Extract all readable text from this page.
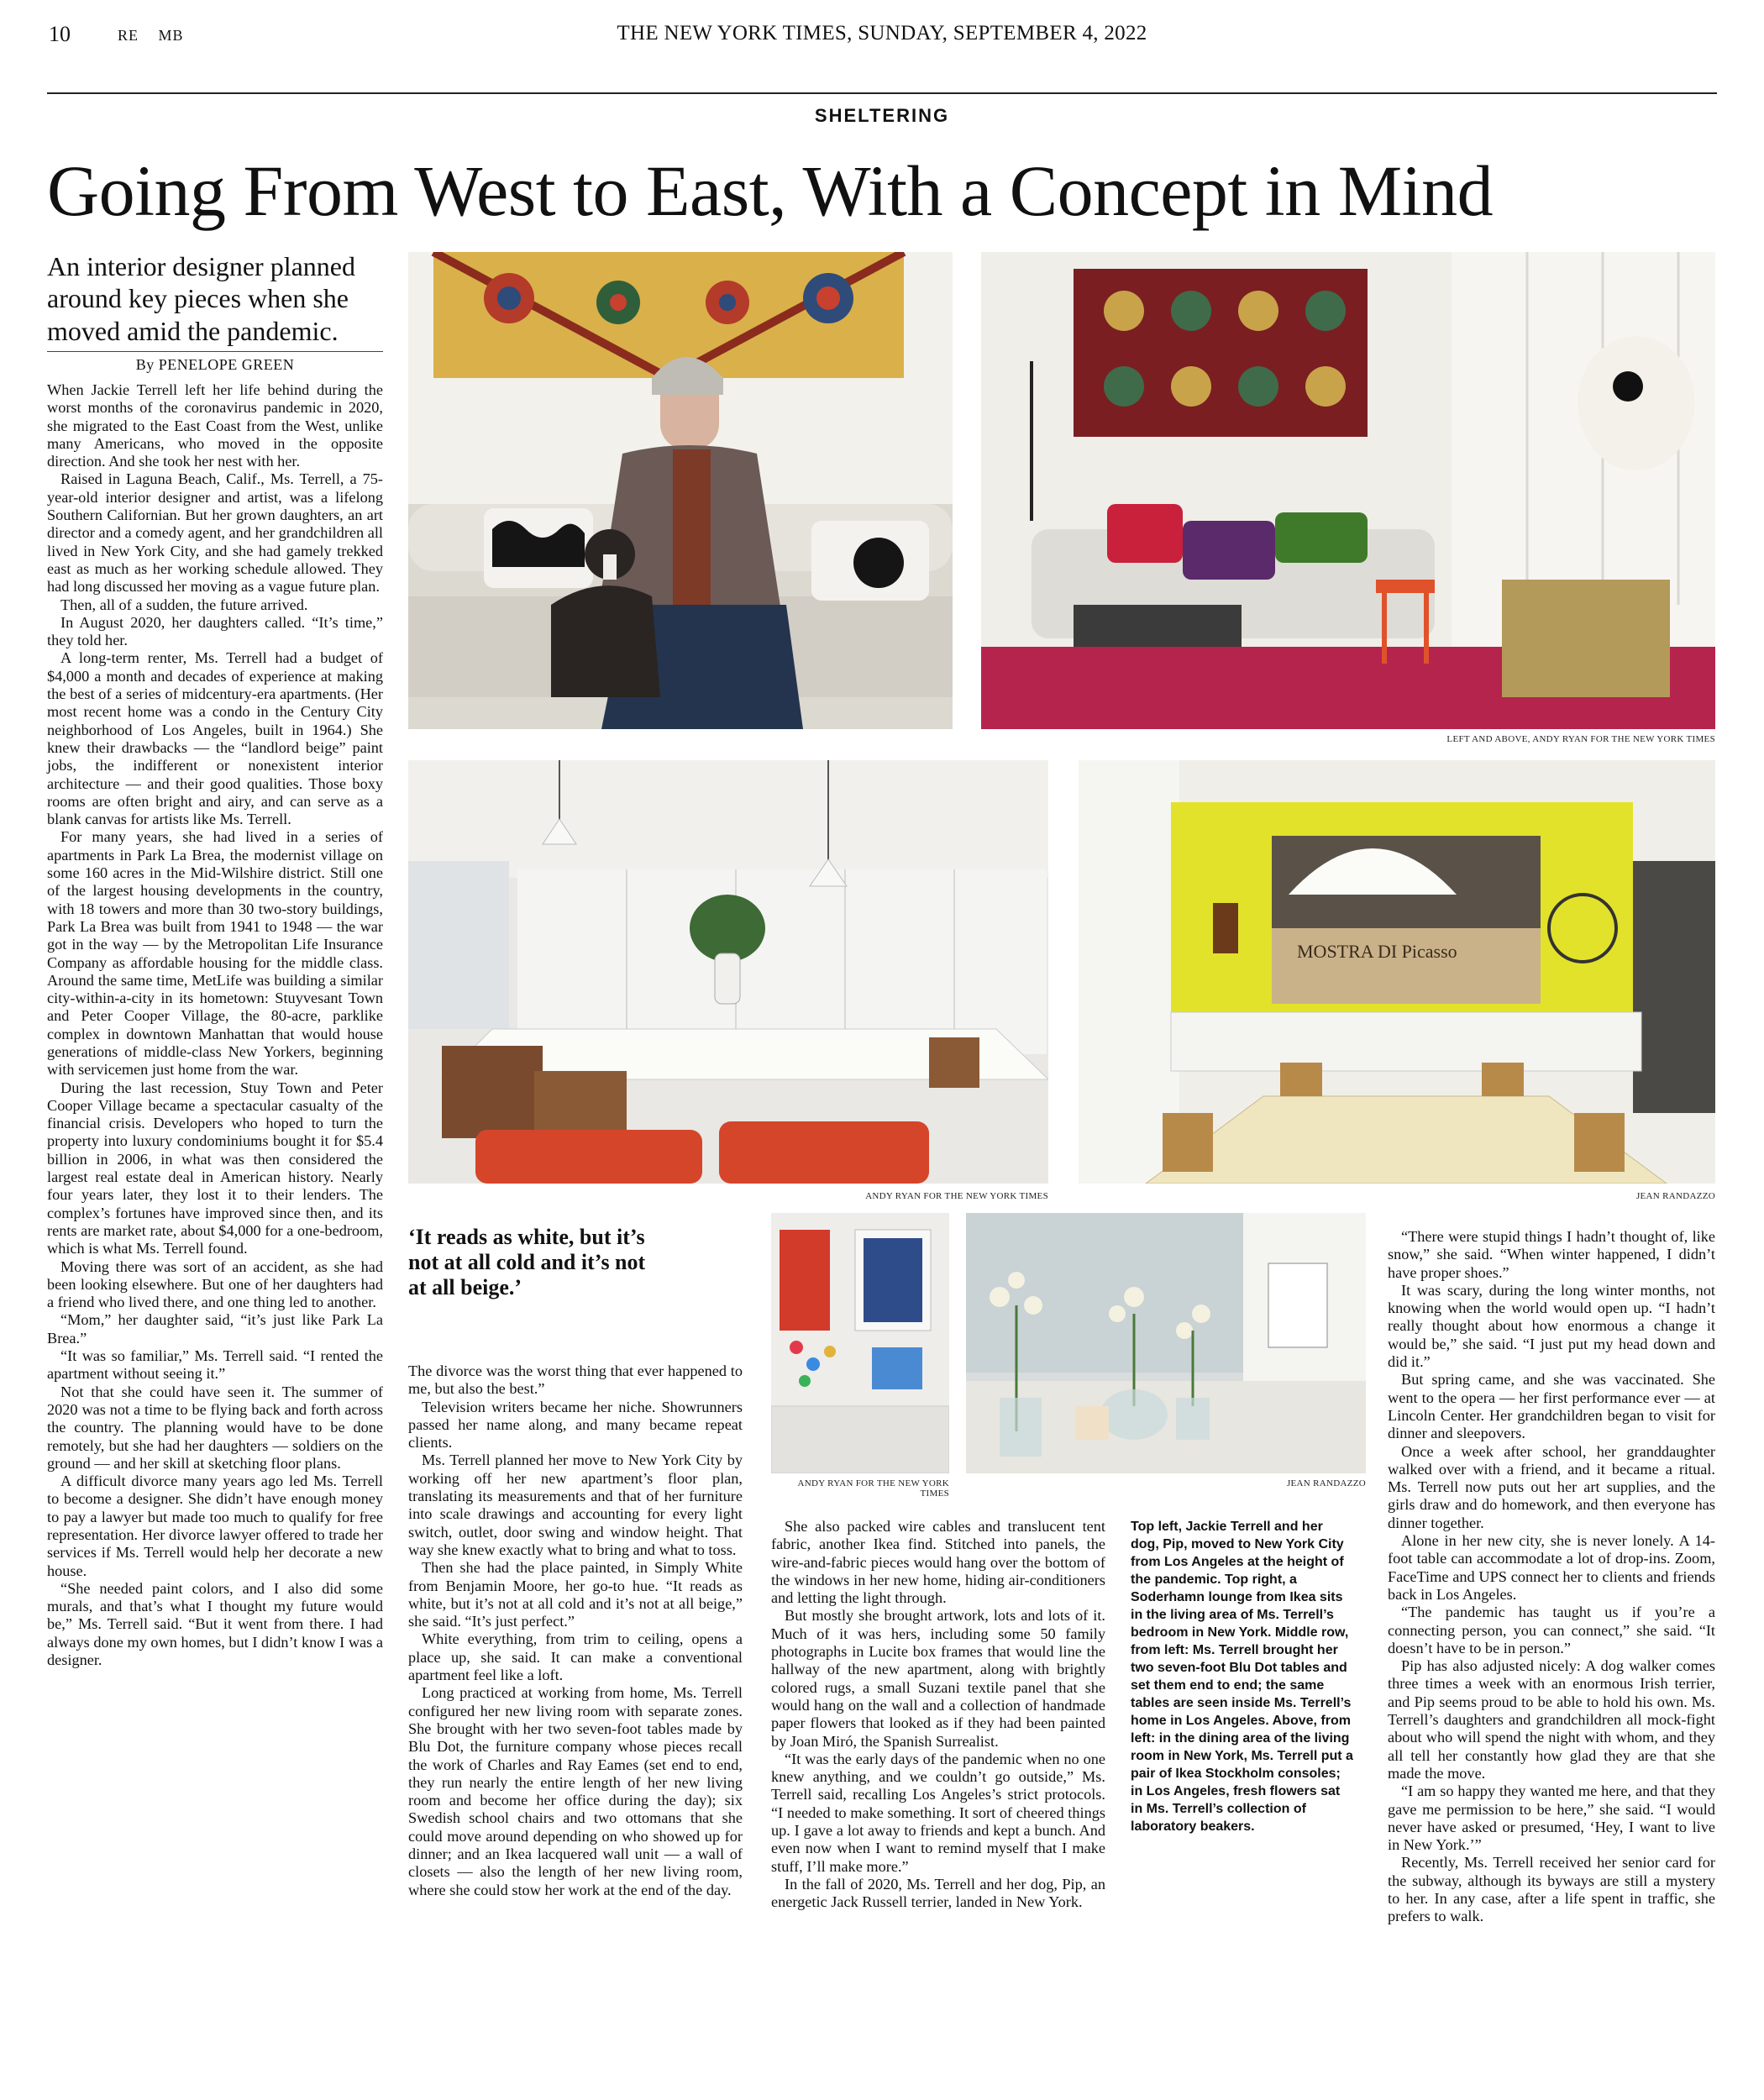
10	RE MB	THE NEW YORK TIMES, SUNDAY, SEPTEMBER 4, 2022
SHELTERING
Going From West to East, With a Concept in Mind
An interior designer planned around key pieces when she moved amid the pandemic.
By PENELOPE GREEN
LEFT AND ABOVE, ANDY RYAN FOR THE NEW YORK TIMES
MOSTRA DI Picasso
ANDY RYAN FOR THE NEW YORK TIMES	JEAN RANDAZZO
‘It reads as white, but it’s not at all cold and it’s not at all beige.’
ANDY RYAN FOR THE NEW YORK TIMES
JEAN RANDAZZO

When Jackie Terrell left her life behind during the worst months of the coronavirus pandemic in 2020, she migrated to the East Coast from the West, unlike many Americans, who moved in the opposite direction. And she took her nest with her.

Raised in Laguna Beach, Calif., Ms. Terrell, a 75-year-old interior designer and artist, was a lifelong Southern Californian. But her grown daughters, an art director and a comedy agent, and her grandchildren all lived in New York City, and she had gamely trekked east as much as her working schedule allowed. They had long discussed her moving as a vague future plan.

Then, all of a sudden, the future arrived.

In August 2020, her daughters called. “It’s time,” they told her.

A long-term renter, Ms. Terrell had a budget of $4,000 a month and decades of experience at making the best of a series of midcentury-era apartments. (Her most recent home was a condo in the Century City neighborhood of Los Angeles, built in 1964.) She knew their drawbacks — the “landlord beige” paint jobs, the indifferent or nonexistent interior architecture — and their good qualities. Those boxy rooms are often bright and airy, and can serve as a blank canvas for artists like Ms. Terrell.

For many years, she had lived in a series of apartments in Park La Brea, the modernist village on some 160 acres in the Mid-Wilshire district. Still one of the largest housing developments in the country, with 18 towers and more than 30 two-story buildings, Park La Brea was built from 1941 to 1948 — the war got in the way — by the Metropolitan Life Insurance Company as affordable housing for the middle class. Around the same time, MetLife was building a similar city-within-a-city in its hometown: Stuyvesant Town and Peter Cooper Village, the 80-acre, parklike complex in downtown Manhattan that would house generations of middle-class New Yorkers, beginning with servicemen just home from the war.

During the last recession, Stuy Town and Peter Cooper Village became a spectacular casualty of the financial crisis. Developers who hoped to turn the property into luxury condominiums bought it for $5.4 billion in 2006, in what was then considered the largest real estate deal in American history. Nearly four years later, they lost it to their lenders. The complex’s fortunes have improved since then, and its rents are market rate, about $4,000 for a one-bedroom, which is what Ms. Terrell found.

Moving there was sort of an accident, as she had been looking elsewhere. But one of her daughters had a friend who lived there, and one thing led to another.

“Mom,” her daughter said, “it’s just like Park La Brea.”

“It was so familiar,” Ms. Terrell said. “I rented the apartment without seeing it.”

Not that she could have seen it. The summer of 2020 was not a time to be flying back and forth across the country. The planning would have to be done remotely, but she had her daughters — soldiers on the ground — and her skill at sketching floor plans.

A difficult divorce many years ago led Ms. Terrell to become a designer. She didn’t have enough money to pay a lawyer but made too much to qualify for free representation. Her divorce lawyer offered to trade her services if Ms. Terrell would help her decorate a new house.

“She needed paint colors, and I also did some murals, and that’s what I thought my future would be,” Ms. Terrell said. “But it went from there. I had always done my own homes, but I didn’t know I was a designer.

The divorce was the worst thing that ever happened to me, but also the best.”

Television writers became her niche. Showrunners passed her name along, and many became repeat clients.

Ms. Terrell planned her move to New York City by working off her new apartment’s floor plan, translating its measurements and that of her furniture into scale drawings and accounting for every light switch, outlet, door swing and window height. That way she knew exactly what to bring and what to toss.

Then she had the place painted, in Simply White from Benjamin Moore, her go-to hue. “It reads as white, but it’s not at all cold and it’s not at all beige,” she said. “It’s just perfect.”

White everything, from trim to ceiling, opens a place up, she said. It can make a conventional apartment feel like a loft.

Long practiced at working from home, Ms. Terrell configured her new living room with separate zones. She brought with her two seven-foot tables made by Blu Dot, the furniture company whose pieces recall the work of Charles and Ray Eames (set end to end, they run nearly the entire length of her new living room and become her office during the day); six Swedish school chairs and two ottomans that she could move around depending on who showed up for dinner; and an Ikea lacquered wall unit — a wall of closets — also the length of her new living room, where she could stow her work at the end of the day.

She also packed wire cables and translucent tent fabric, another Ikea find. Stitched into panels, the wire-and-fabric pieces would hang over the bottom of the windows in her new home, hiding air-conditioners and letting the light through.

But mostly she brought artwork, lots and lots of it. Much of it was hers, including some 50 family photographs in Lucite box frames that would line the hallway of the new apartment, along with brightly colored rugs, a small Suzani textile panel that she would hang on the wall and a collection of handmade paper flowers that looked as if they had been painted by Joan Miró, the Spanish Surrealist.

“It was the early days of the pandemic when no one knew anything, and we couldn’t go outside,” Ms. Terrell said, recalling Los Angeles’s strict protocols. “I needed to make something. It sort of cheered things up. I gave a lot away to friends and kept a bunch. And even now when I want to remind myself that I make stuff, I’ll make more.”

In the fall of 2020, Ms. Terrell and her dog, Pip, an energetic Jack Russell terrier, landed in New York.

Top left, Jackie Terrell and her dog, Pip, moved to New York City from Los Angeles at the height of the pandemic. Top right, a Soderhamn lounge from Ikea sits in the living area of Ms. Terrell’s bedroom in New York. Middle row, from left: Ms. Terrell brought her two seven-foot Blu Dot tables and set them end to end; the same tables are seen inside Ms. Terrell’s home in Los Angeles. Above, from left: in the dining area of the living room in New York, Ms. Terrell put a pair of Ikea Stockholm consoles; in Los Angeles, fresh flowers sat in Ms. Terrell’s collection of laboratory beakers.

“There were stupid things I hadn’t thought of, like snow,” she said. “When winter happened, I didn’t have proper shoes.”

It was scary, during the long winter months, not knowing when the world would open up. “I hadn’t really thought about how enormous a change it would be,” she said. “I just put my head down and did it.”

But spring came, and she was vaccinated. She went to the opera — her first performance ever — at Lincoln Center. Her grandchildren began to visit for dinner and sleepovers.

Once a week after school, her granddaughter walked over with a friend, and it became a ritual. Ms. Terrell now puts out her art supplies, and the girls draw and do homework, and then everyone has dinner together.

Alone in her new city, she is never lonely. A 14-foot table can accommodate a lot of drop-ins. Zoom, FaceTime and UPS connect her to clients and friends back in Los Angeles.

“The pandemic has taught us if you’re a connecting person, you can connect,” she said. “It doesn’t have to be in person.”

Pip has also adjusted nicely: A dog walker comes three times a week with an enormous Irish terrier, and Pip seems proud to be able to hold his own. Ms. Terrell’s daughters and grandchildren all mock-fight about who will spend the night with whom, and they all tell her constantly how glad they are that she made the move.

“I am so happy they wanted me here, and that they gave me permission to be here,” she said. “I would never have asked or presumed, ‘Hey, I want to live in New York.’”

Recently, Ms. Terrell received her senior card for the subway, although its byways are still a mystery to her. In any case, after a life spent in traffic, she prefers to walk.
